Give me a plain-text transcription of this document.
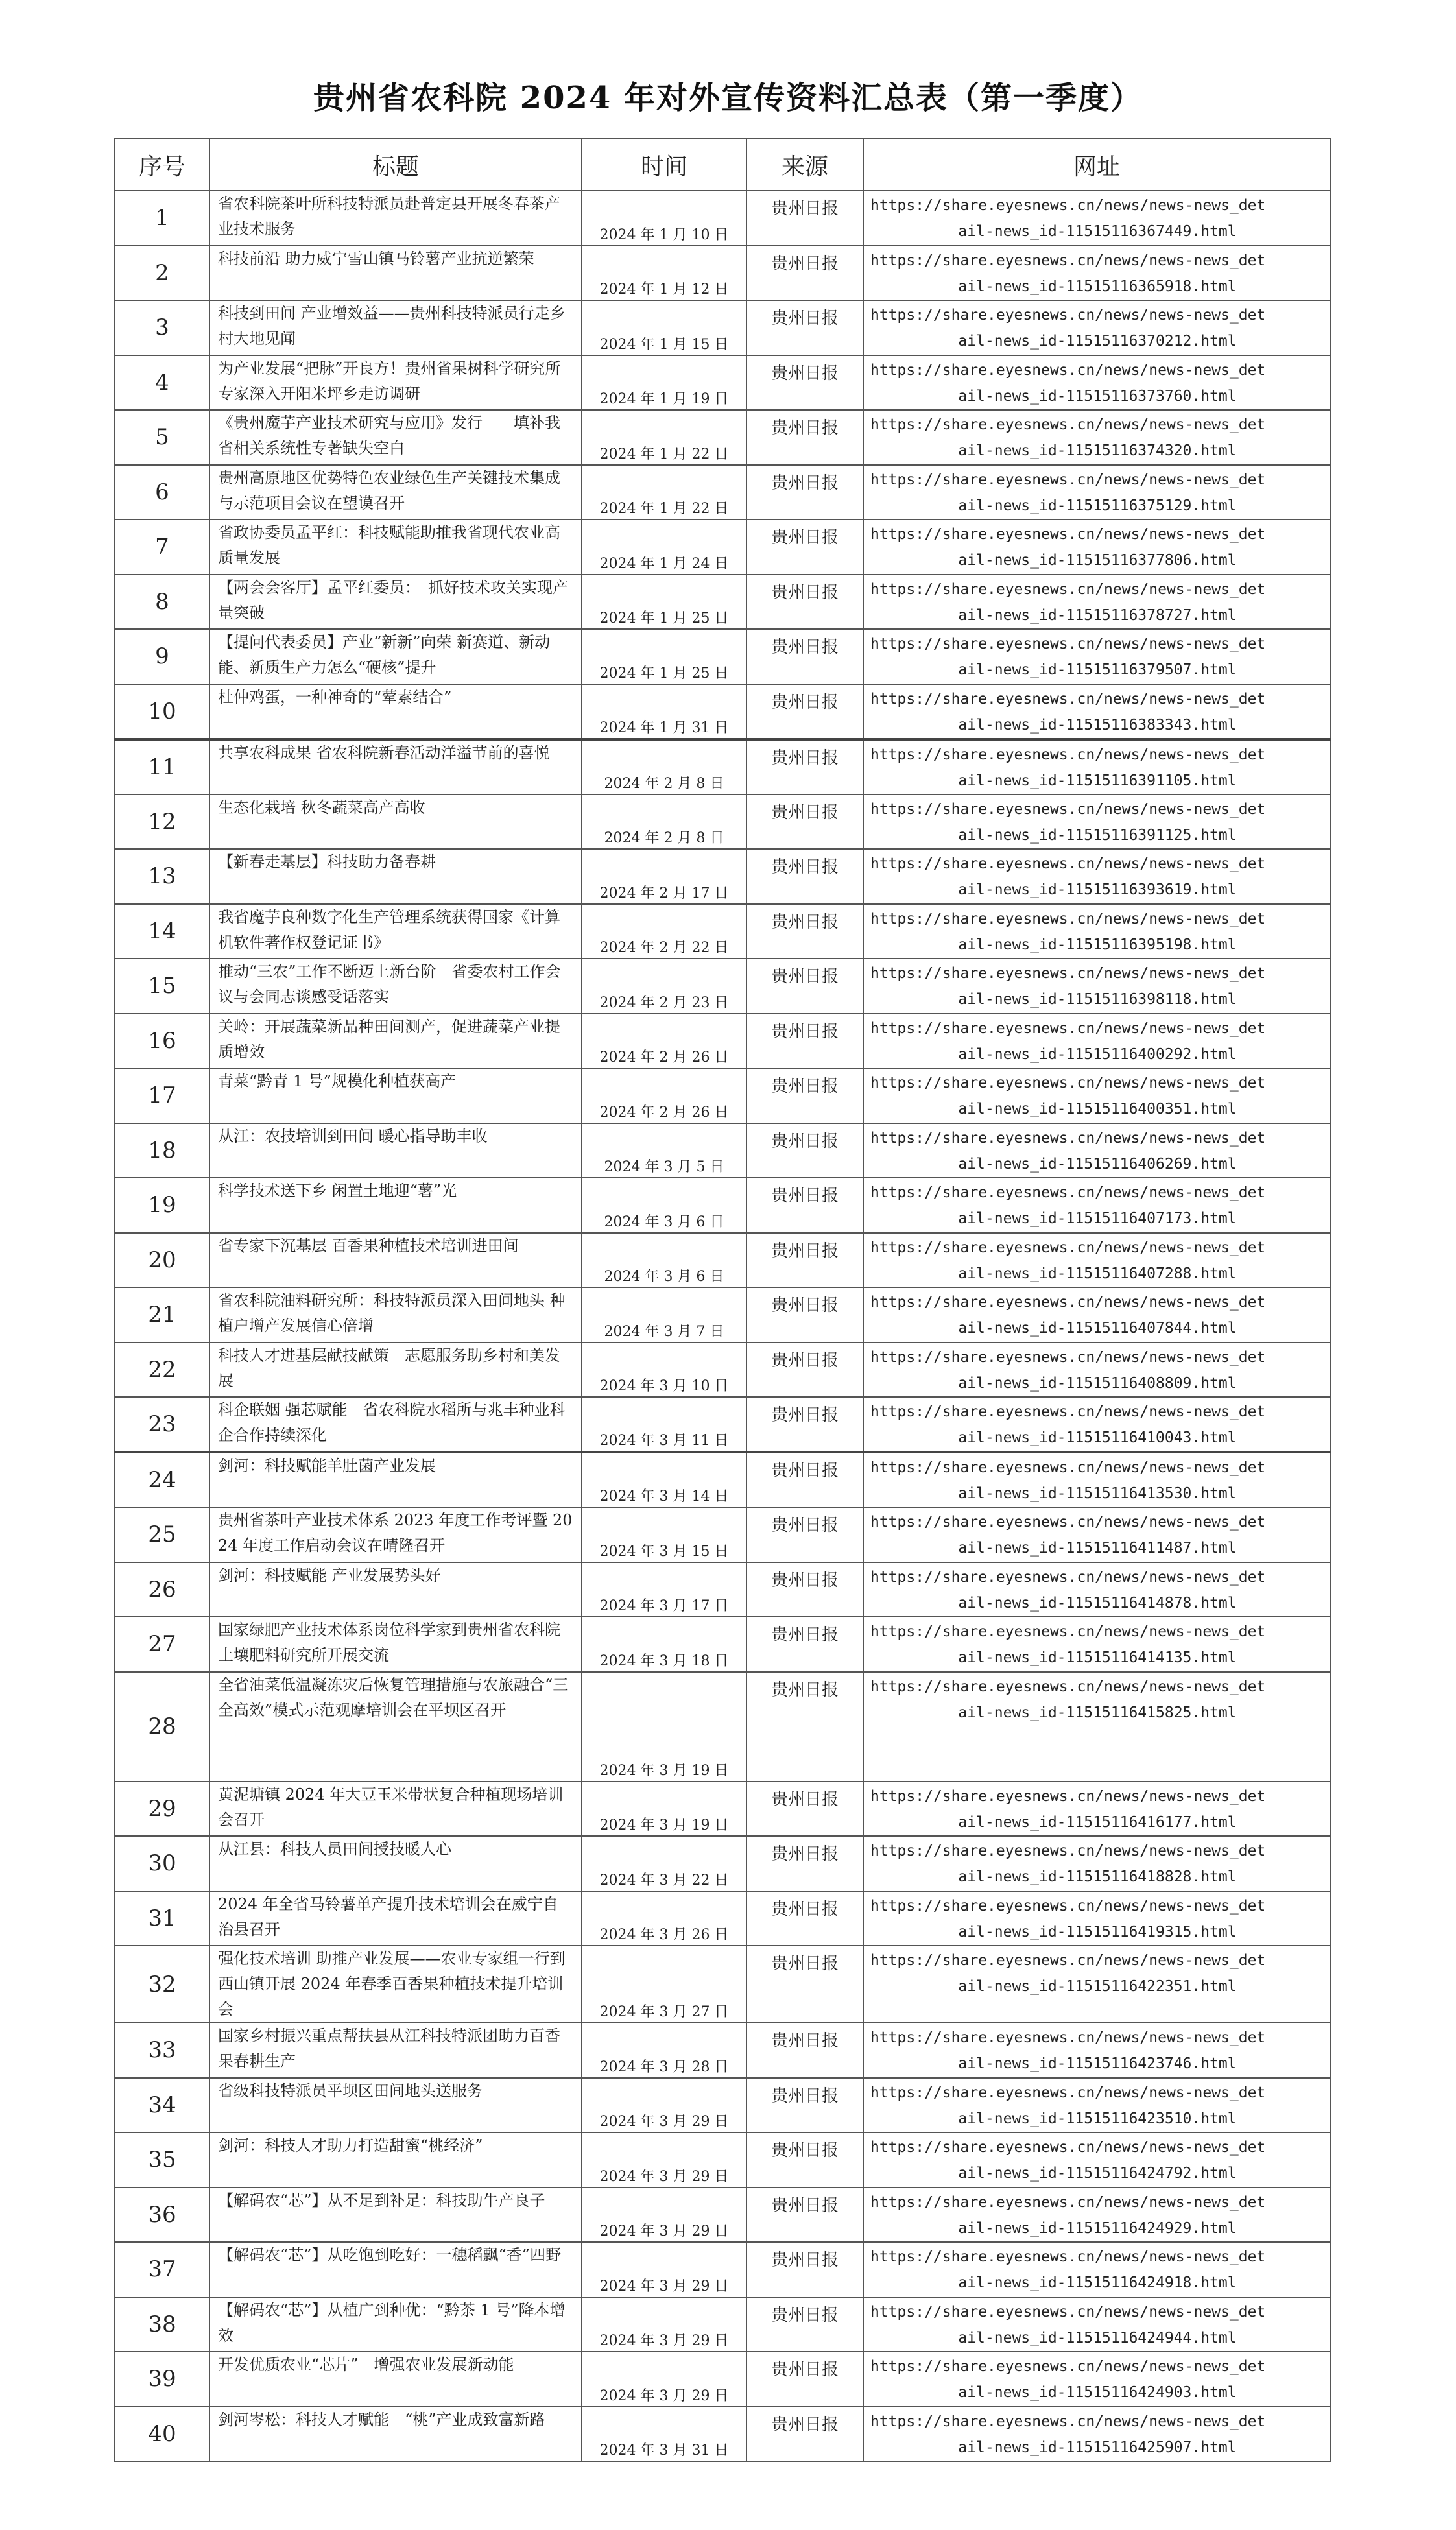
贵州省农科院 2024 年对外宣传资料汇总表（第一季度）
序号	标题	时间	来源	网址
1	省农科院茶叶所科技特派员赴普定县开展冬春茶产业技术服务	2024 年 1 月 10 日	贵州日报	https://share.eyesnews.cn/news/news-news_det
ail-news_id-11515116367449.html

2	科技前沿 助力威宁雪山镇马铃薯产业抗逆繁荣	2024 年 1 月 12 日	贵州日报	https://share.eyesnews.cn/news/news-news_det
ail-news_id-11515116365918.html

3	科技到田间 产业增效益——贵州科技特派员行走乡村大地见闻	2024 年 1 月 15 日	贵州日报	https://share.eyesnews.cn/news/news-news_det
ail-news_id-11515116370212.html

4	为产业发展“把脉”开良方！贵州省果树科学研究所专家深入开阳米坪乡走访调研	2024 年 1 月 19 日	贵州日报	https://share.eyesnews.cn/news/news-news_det
ail-news_id-11515116373760.html

5	《贵州魔芋产业技术研究与应用》发行　　填补我省相关系统性专著缺失空白	2024 年 1 月 22 日	贵州日报	https://share.eyesnews.cn/news/news-news_det
ail-news_id-11515116374320.html

6	贵州高原地区优势特色农业绿色生产关键技术集成与示范项目会议在望谟召开	2024 年 1 月 22 日	贵州日报	https://share.eyesnews.cn/news/news-news_det
ail-news_id-11515116375129.html

7	省政协委员孟平红：科技赋能助推我省现代农业高质量发展	2024 年 1 月 24 日	贵州日报	https://share.eyesnews.cn/news/news-news_det
ail-news_id-11515116377806.html

8	【两会会客厅】孟平红委员：　抓好技术攻关实现产量突破	2024 年 1 月 25 日	贵州日报	https://share.eyesnews.cn/news/news-news_det
ail-news_id-11515116378727.html

9	【提问代表委员】产业“新新”向荣 新赛道、新动能、新质生产力怎么“硬核”提升	2024 年 1 月 25 日	贵州日报	https://share.eyesnews.cn/news/news-news_det
ail-news_id-11515116379507.html

10	杜仲鸡蛋，一种神奇的“荤素结合”	2024 年 1 月 31 日	贵州日报	https://share.eyesnews.cn/news/news-news_det
ail-news_id-11515116383343.html

11	共享农科成果 省农科院新春活动洋溢节前的喜悦	2024 年 2 月 8 日	贵州日报	https://share.eyesnews.cn/news/news-news_det
ail-news_id-11515116391105.html

12	生态化栽培 秋冬蔬菜高产高收	2024 年 2 月 8 日	贵州日报	https://share.eyesnews.cn/news/news-news_det
ail-news_id-11515116391125.html

13	【新春走基层】科技助力备春耕	2024 年 2 月 17 日	贵州日报	https://share.eyesnews.cn/news/news-news_det
ail-news_id-11515116393619.html

14	我省魔芋良种数字化生产管理系统获得国家《计算机软件著作权登记证书》	2024 年 2 月 22 日	贵州日报	https://share.eyesnews.cn/news/news-news_det
ail-news_id-11515116395198.html

15	推动“三农”工作不断迈上新台阶｜省委农村工作会议与会同志谈感受话落实	2024 年 2 月 23 日	贵州日报	https://share.eyesnews.cn/news/news-news_det
ail-news_id-11515116398118.html

16	关岭：开展蔬菜新品种田间测产，促进蔬菜产业提质增效	2024 年 2 月 26 日	贵州日报	https://share.eyesnews.cn/news/news-news_det
ail-news_id-11515116400292.html

17	青菜“黔青 1 号”规模化种植获高产	2024 年 2 月 26 日	贵州日报	https://share.eyesnews.cn/news/news-news_det
ail-news_id-11515116400351.html

18	从江：农技培训到田间 暖心指导助丰收	2024 年 3 月 5 日	贵州日报	https://share.eyesnews.cn/news/news-news_det
ail-news_id-11515116406269.html

19	科学技术送下乡 闲置土地迎“薯”光	2024 年 3 月 6 日	贵州日报	https://share.eyesnews.cn/news/news-news_det
ail-news_id-11515116407173.html

20	省专家下沉基层 百香果种植技术培训进田间	2024 年 3 月 6 日	贵州日报	https://share.eyesnews.cn/news/news-news_det
ail-news_id-11515116407288.html

21	省农科院油料研究所：科技特派员深入田间地头 种植户增产发展信心倍增	2024 年 3 月 7 日	贵州日报	https://share.eyesnews.cn/news/news-news_det
ail-news_id-11515116407844.html

22	科技人才进基层献技献策　志愿服务助乡村和美发展	2024 年 3 月 10 日	贵州日报	https://share.eyesnews.cn/news/news-news_det
ail-news_id-11515116408809.html

23	科企联姻 强芯赋能　省农科院水稻所与兆丰种业科企合作持续深化	2024 年 3 月 11 日	贵州日报	https://share.eyesnews.cn/news/news-news_det
ail-news_id-11515116410043.html

24	剑河：科技赋能羊肚菌产业发展	2024 年 3 月 14 日	贵州日报	https://share.eyesnews.cn/news/news-news_det
ail-news_id-11515116413530.html

25	贵州省茶叶产业技术体系 2023 年度工作考评暨 2024 年度工作启动会议在晴隆召开	2024 年 3 月 15 日	贵州日报	https://share.eyesnews.cn/news/news-news_det
ail-news_id-11515116411487.html

26	剑河：科技赋能 产业发展势头好	2024 年 3 月 17 日	贵州日报	https://share.eyesnews.cn/news/news-news_det
ail-news_id-11515116414878.html

27	国家绿肥产业技术体系岗位科学家到贵州省农科院土壤肥料研究所开展交流	2024 年 3 月 18 日	贵州日报	https://share.eyesnews.cn/news/news-news_det
ail-news_id-11515116414135.html

28	全省油菜低温凝冻灾后恢复管理措施与农旅融合“三全高效”模式示范观摩培训会在平坝区召开	2024 年 3 月 19 日	贵州日报	https://share.eyesnews.cn/news/news-news_det
ail-news_id-11515116415825.html

29	黄泥塘镇 2024 年大豆玉米带状复合种植现场培训会召开	2024 年 3 月 19 日	贵州日报	https://share.eyesnews.cn/news/news-news_det
ail-news_id-11515116416177.html

30	从江县：科技人员田间授技暖人心	2024 年 3 月 22 日	贵州日报	https://share.eyesnews.cn/news/news-news_det
ail-news_id-11515116418828.html

31	2024 年全省马铃薯单产提升技术培训会在威宁自治县召开	2024 年 3 月 26 日	贵州日报	https://share.eyesnews.cn/news/news-news_det
ail-news_id-11515116419315.html

32	强化技术培训 助推产业发展——农业专家组一行到西山镇开展 2024 年春季百香果种植技术提升培训会	2024 年 3 月 27 日	贵州日报	https://share.eyesnews.cn/news/news-news_det
ail-news_id-11515116422351.html

33	国家乡村振兴重点帮扶县从江科技特派团助力百香果春耕生产	2024 年 3 月 28 日	贵州日报	https://share.eyesnews.cn/news/news-news_det
ail-news_id-11515116423746.html

34	省级科技特派员平坝区田间地头送服务	2024 年 3 月 29 日	贵州日报	https://share.eyesnews.cn/news/news-news_det
ail-news_id-11515116423510.html

35	剑河：科技人才助力打造甜蜜“桃经济”	2024 年 3 月 29 日	贵州日报	https://share.eyesnews.cn/news/news-news_det
ail-news_id-11515116424792.html

36	【解码农“芯”】从不足到补足：科技助牛产良子	2024 年 3 月 29 日	贵州日报	https://share.eyesnews.cn/news/news-news_det
ail-news_id-11515116424929.html

37	【解码农“芯”】从吃饱到吃好：一穗稻飘“香”四野	2024 年 3 月 29 日	贵州日报	https://share.eyesnews.cn/news/news-news_det
ail-news_id-11515116424918.html

38	【解码农“芯”】从植广到种优：“黔茶 1 号”降本增效	2024 年 3 月 29 日	贵州日报	https://share.eyesnews.cn/news/news-news_det
ail-news_id-11515116424944.html

39	开发优质农业“芯片”　增强农业发展新动能	2024 年 3 月 29 日	贵州日报	https://share.eyesnews.cn/news/news-news_det
ail-news_id-11515116424903.html

40	剑河岑松：科技人才赋能　“桃”产业成致富新路	2024 年 3 月 31 日	贵州日报	https://share.eyesnews.cn/news/news-news_det
ail-news_id-11515116425907.html
